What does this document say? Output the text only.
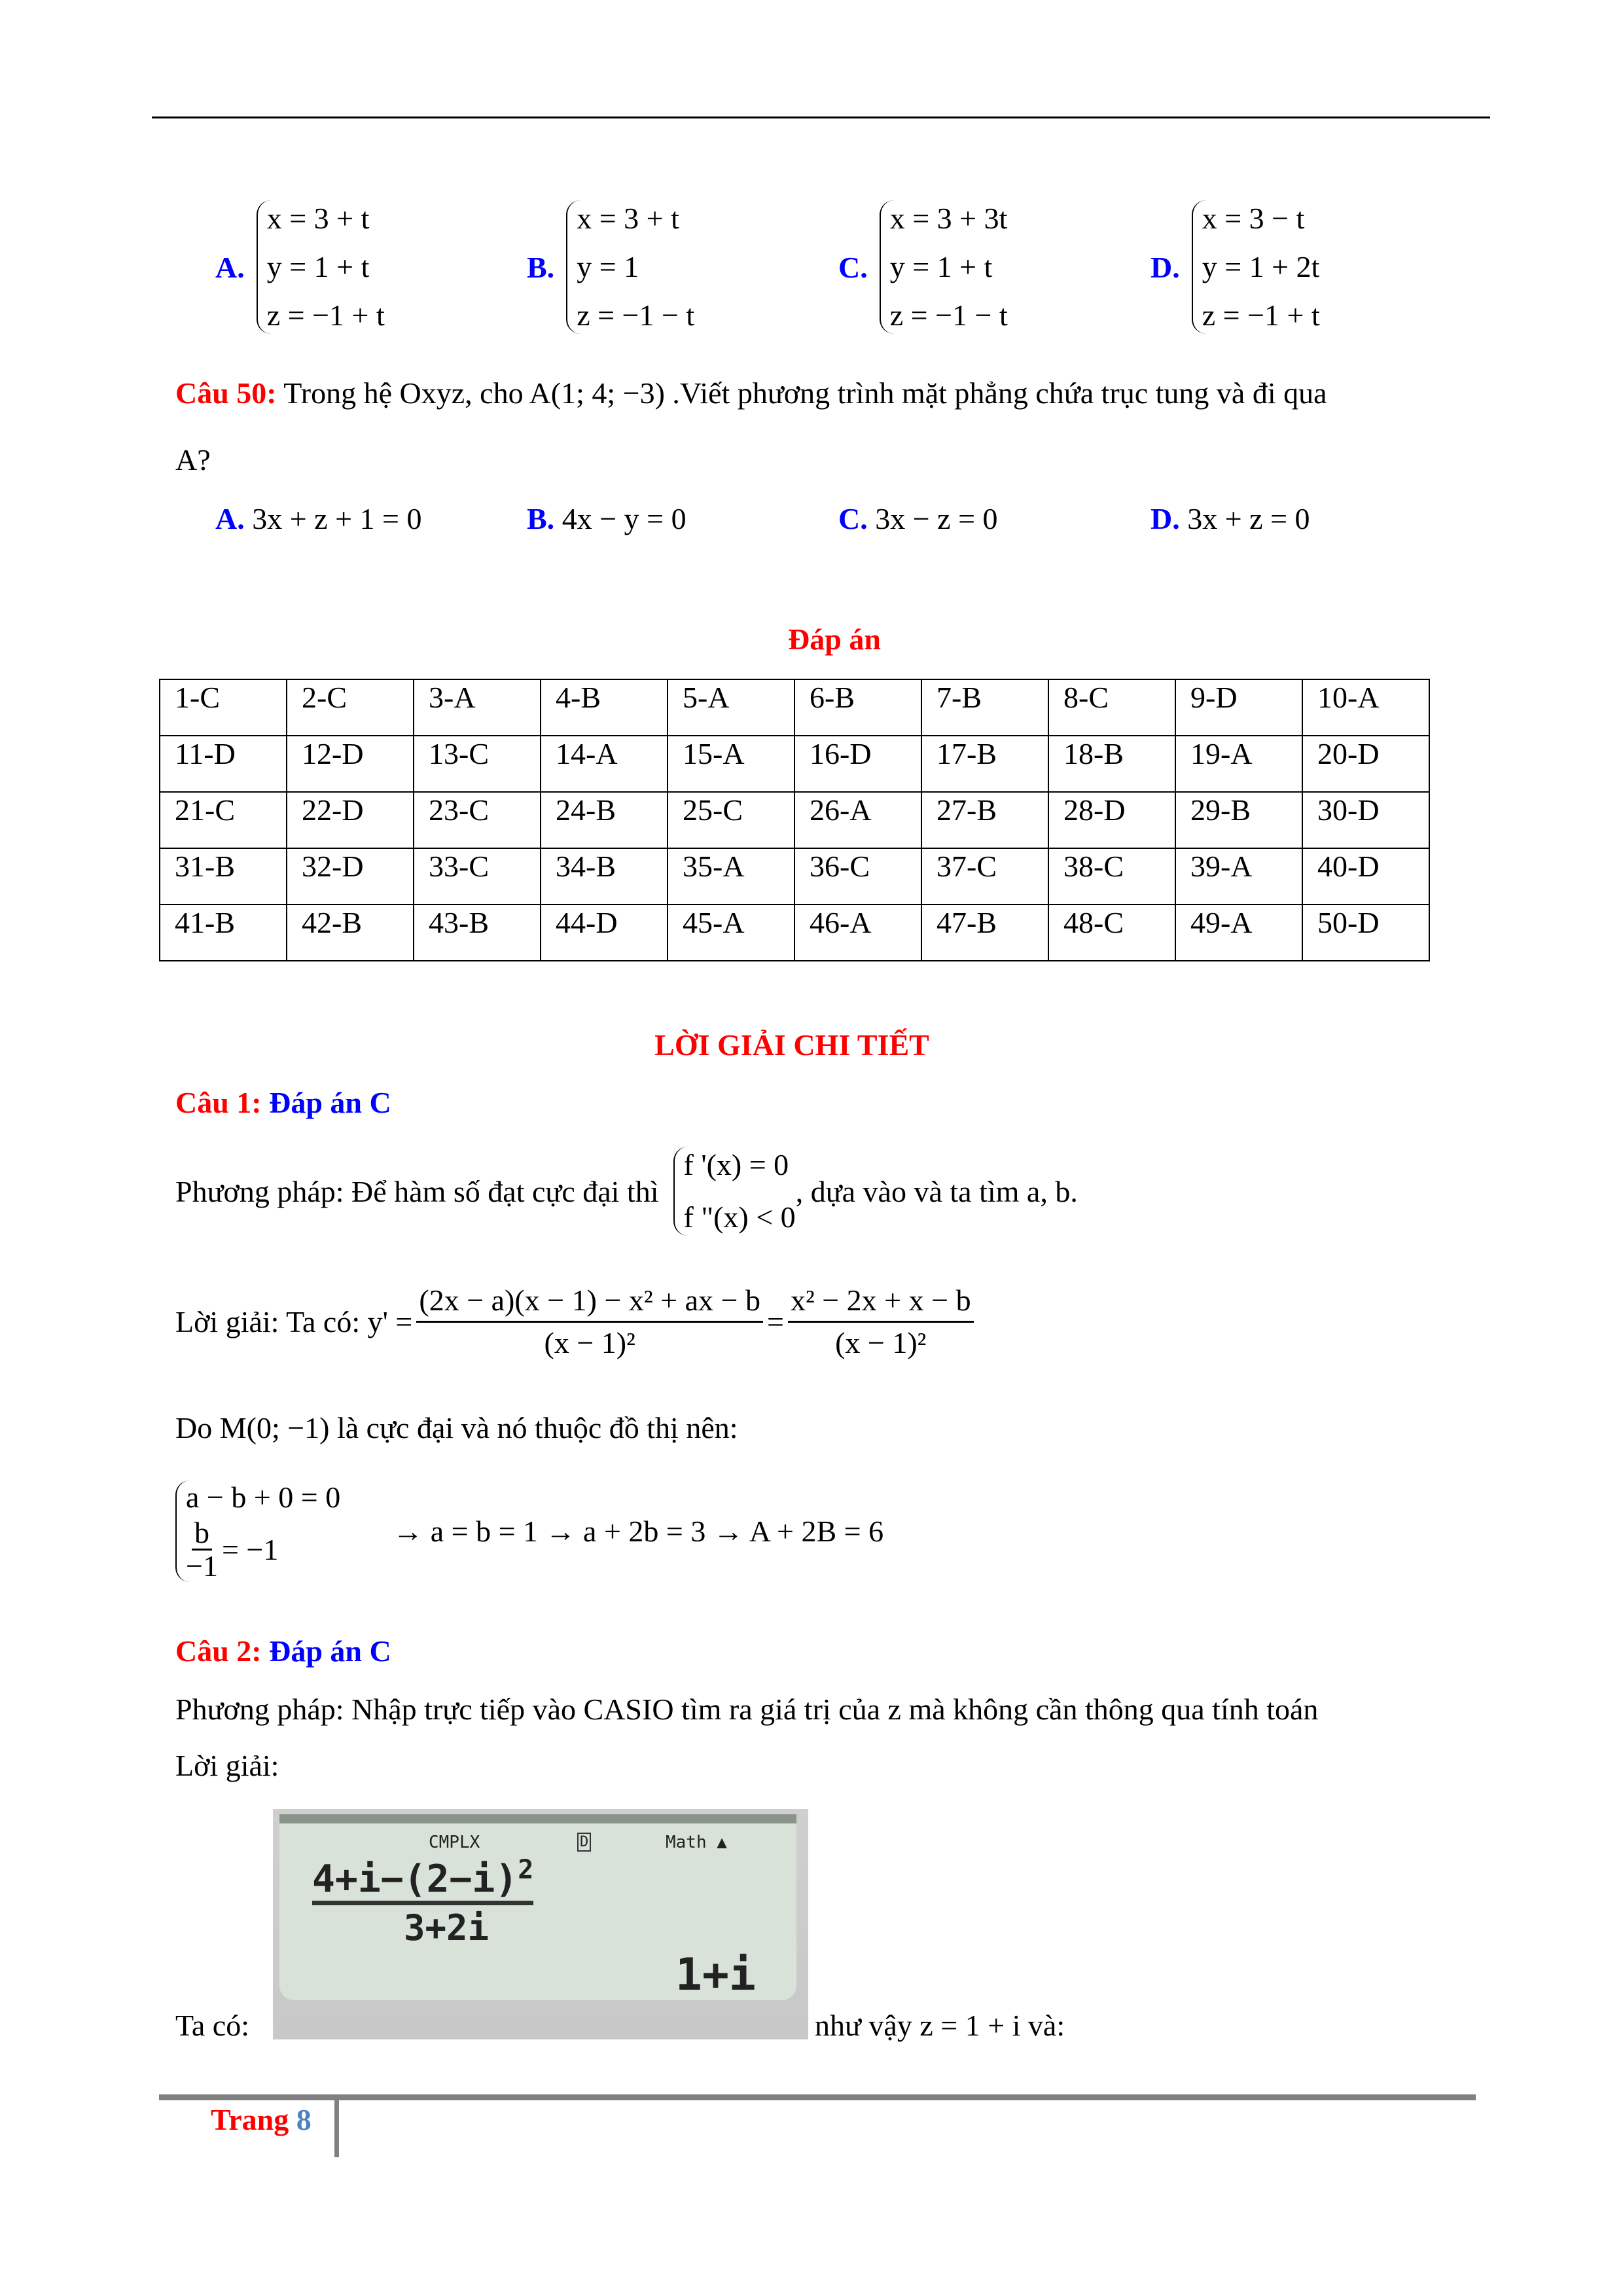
A.
x = 3 + t
y = 1 + t
z = −1 + t
B.
x = 3 + t
y = 1
z = −1 − t
C.
x = 3 + 3t
y = 1 + t
z = −1 − t
D.
x = 3 − t
y = 1 + 2t
z = −1 + t
Câu 50: Trong hệ Oxyz, cho A(1; 4; −3) .Viết phương trình mặt phẳng chứa trục tung và đi qua
A?
A. 3x + z + 1 = 0	B. 4x − y = 0	C. 3x − z = 0	D. 3x + z = 0
Đáp án
1-C	2-C	3-A	4-B	5-A	6-B	7-B	8-C	9-D	10-A
11-D	12-D	13-C	14-A	15-A	16-D	17-B	18-B	19-A	20-D
21-C	22-D	23-C	24-B	25-C	26-A	27-B	28-D	29-B	30-D
31-B	32-D	33-C	34-B	35-A	36-C	37-C	38-C	39-A	40-D
41-B	42-B	43-B	44-D	45-A	46-A	47-B	48-C	49-A	50-D
LỜI GIẢI CHI TIẾT
Câu 1: Đáp án C
Phương pháp: Để hàm số đạt cực đại thì
f '(x) = 0
f "(x) < 0
, dựa vào và ta tìm a, b.
Lời giải: Ta có: $y' = \frac{\text{(2x − a)(x − 1) − x² + ax − b}}{\text{(x − 1)²}} = \frac{\text{x² − 2x + x − b}}{\text{(x − 1)²}}$
Do M(0; −1) là cực đại và nó thuộc đồ thị nên:
a − b + 0 = 0
$\frac{b}{-1} = -1$
→ a = b = 1 → a + 2b = 3 → A + 2B = 6
Câu 2: Đáp án C
Phương pháp: Nhập trực tiếp vào CASIO tìm ra giá trị của z mà không cần thông qua tính toán
Lời giải:
CMPLX	D	Math ▲
$4+i-(2-i)^2$
3+2i
1+i
Ta có:	như vậy z = 1 + i và:
Trang 8
